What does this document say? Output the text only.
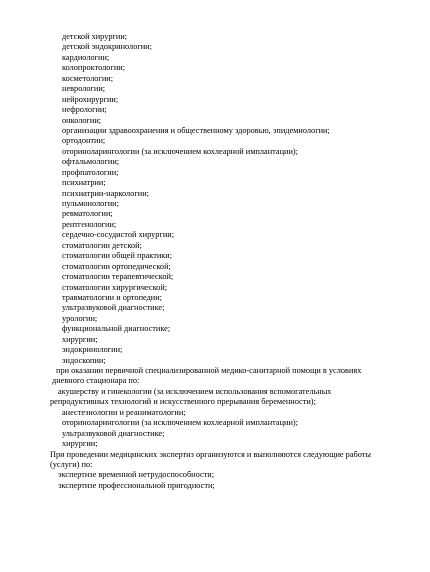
детской хирургии;
детской эндокринологии;
кардиологии;
колопроктологии;
косметологии;
неврологии;
нейрохирургии;
нефрологии;
онкологии;
организации здравоохранения и общественному здоровью, эпидемиологии;
ортодонтии;
оториноларингологии (за исключением кохлеарной имплантации);
офтальмологии;
профпатологии;
психиатрии;
психиатрии-наркологии;
пульмонологии;
ревматологии;
рентгенологии;
сердечно-сосудистой хирургии;
стоматологии детской;
стоматологии общей практики;
стоматологии ортопедической;
стоматологии терапевтической;
стоматологии хирургической;
травматологии и ортопедии;
ультразвуковой диагностике;
урологии;
функциональной диагностике;
хирургии;
эндокринологии;
эндоскопии;
при оказании первичной специализированной медико-санитарной помощи в условиях дневного стационара по:
акушерству и гинекологии (за исключением использования вспомогательных репродуктивных технологий и искусственного прерывания беременности);
анестезиологии и реаниматологии;
оториноларингологии (за исключением кохлеарной имплантации);
ультразвуковой диагностике;
хирургии;
При проведении медицинских экспертиз организуются и выполняются следующие работы (услуги) по:
экспертизе временной нетрудоспособности;
экспертизе профессиональной пригодности;
